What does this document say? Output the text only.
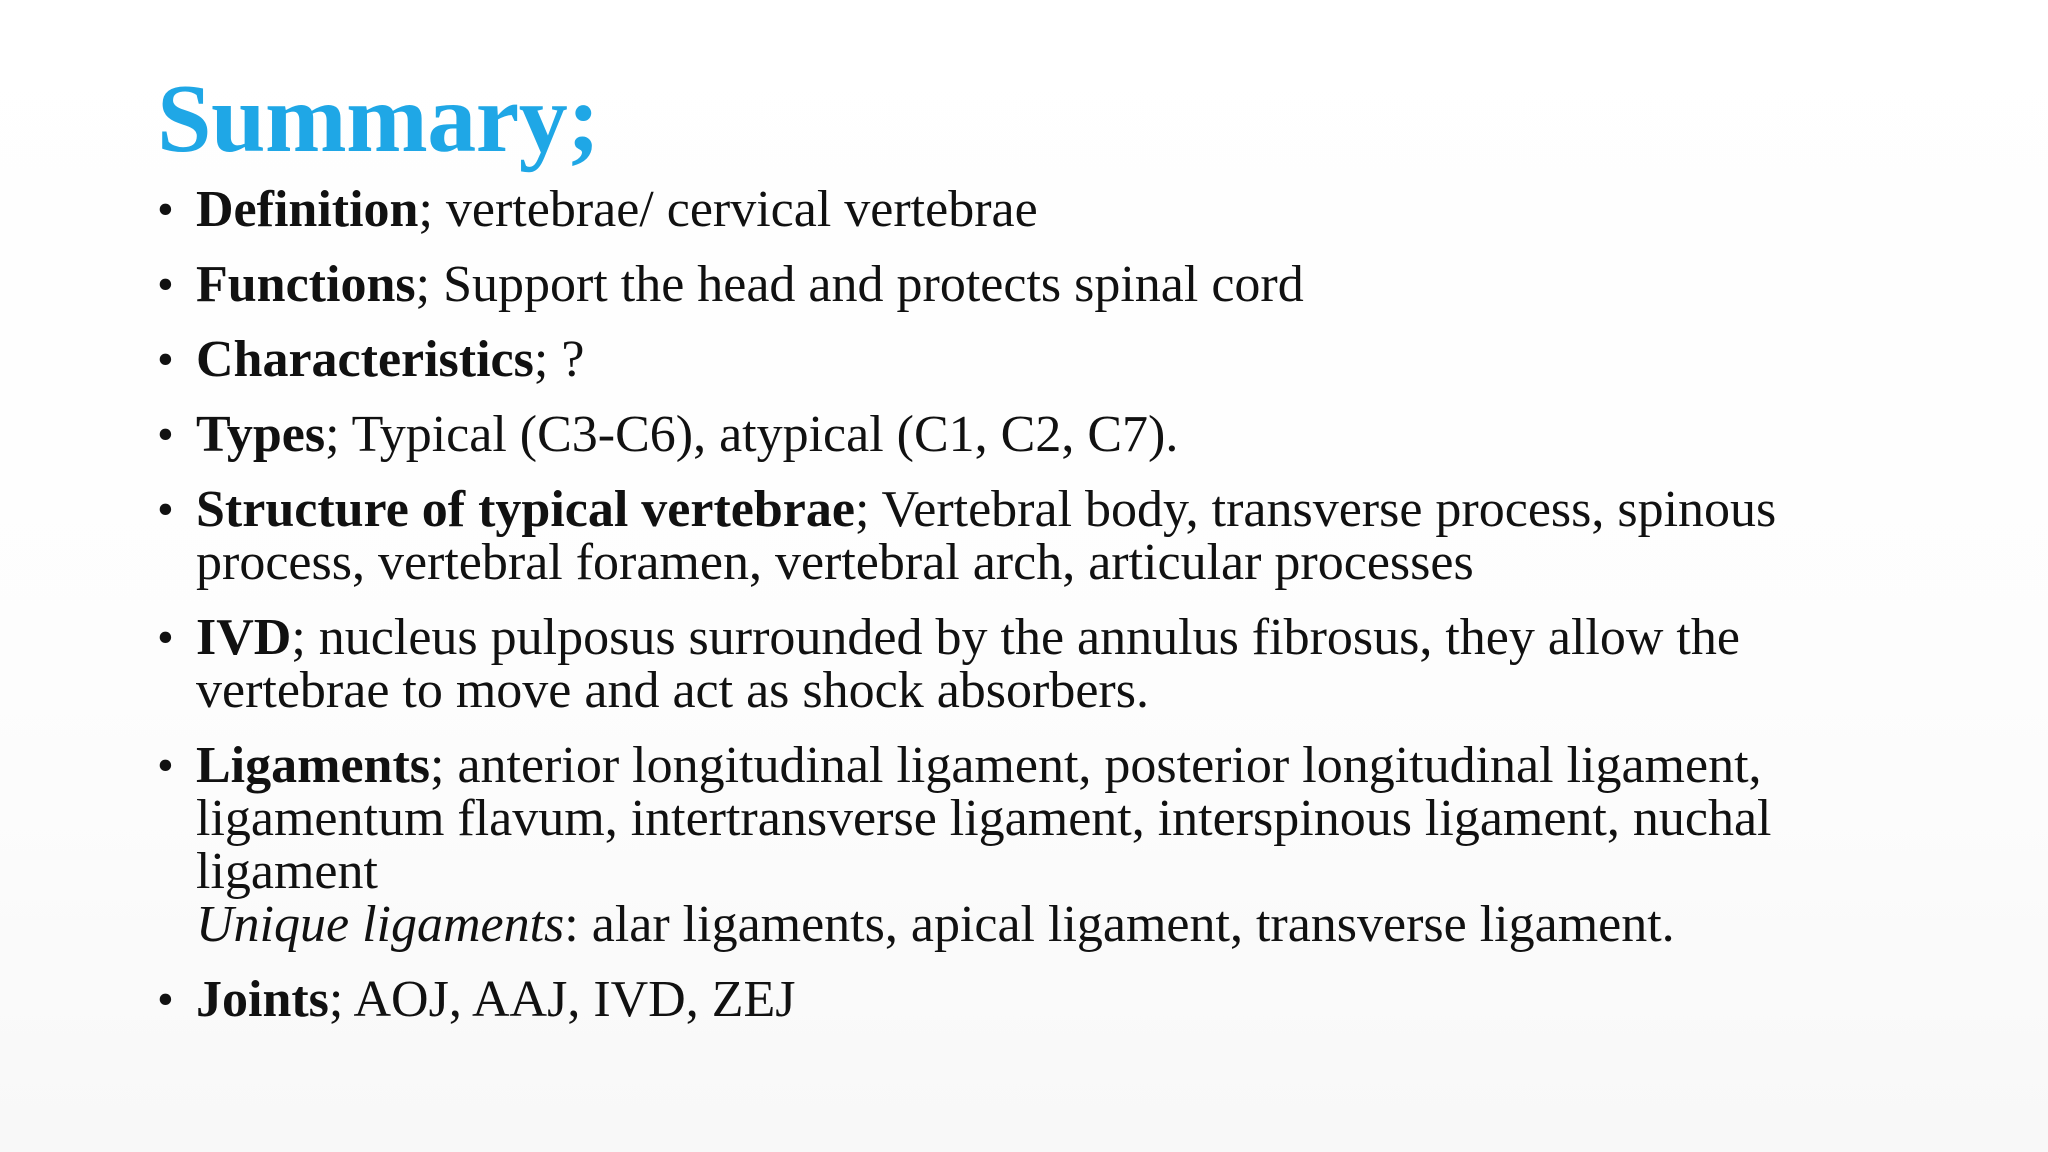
Summary;
• Definition; vertebrae/ cervical vertebrae
• Functions; Support the head and protects spinal cord
• Characteristics; ?
• Types; Typical (C3-C6), atypical (C1, C2, C7).
• Structure of typical vertebrae; Vertebral body, transverse process, spinous process, vertebral foramen, vertebral arch, articular processes
• IVD; nucleus pulposus surrounded by the annulus fibrosus, they allow the vertebrae to move and act as shock absorbers.
• Ligaments; anterior longitudinal ligament, posterior longitudinal ligament, ligamentum flavum, intertransverse ligament, interspinous ligament, nuchal ligament
Unique ligaments: alar ligaments, apical ligament, transverse ligament.
• Joints; AOJ, AAJ, IVD, ZEJ
